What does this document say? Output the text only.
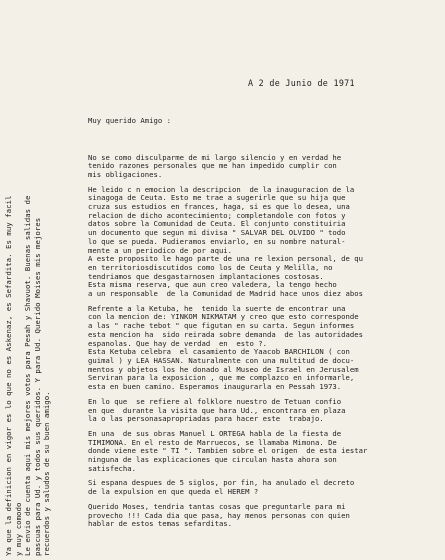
Ya que la definicion en vigor es lo que no es Askenaz, es Sefardita. Es muy facil y muy comodo Le envio de cuenta aqui mis mejores votos para Pesah y Shavuot. Buenas salidas de pascuas para Ud. y todos sus queridos. Y para Ud. Querido Moises mis mejores recuerdos y saludos de su buen amigo.
A 2 de Junio de 1971

Muy querido Amigo :

No se como disculparme de mi largo silencio y en verdad he
tenido razones personales que me han impedido cumplir con
mis obligaciones.
He leido c n emocion la descripcion  de la inauguracion de la
sinagoga de Ceuta. Esto me trae a sugerirle que su hija que
cruza sus estudios en frances, haga, si es que lo desea, una
relacion de dicho acontecimiento; completandole con fotos y
datos sobre la Comunidad de Ceuta. El conjunto constituiria
un documento que segun mi divisa " SALVAR DEL OLVIDO " todo
lo que se pueda. Pudieramos enviarlo, en su nombre natural-
mente a un periodico de por aqui.
A este proposito le hago parte de una re lexion personal, de qu
en territoriosdiscutidos como los de Ceuta y Melilla, no
tendriamos que desgastarnosen implantaciones costosas.
Esta misma reserva, que aun creo valedera, la tengo hecho
a un responsable  de la Comunidad de Madrid hace unos diez abos
Refrente a la Ketuba, he  tenido la suerte de encontrar una
con la mencion de: YINKOM NIKMATAM y creo que esto corresponde
a las " rache tebot " que figutan en su carta. Segun informes
esta mencion ha  sido reirada sobre demanda  de las autoridades
espanolas. Que hay de verdad  en  esto ?.
Esta Ketuba celebra  el casamiento de Yaacob BARCHILON ( con
guimal ) y LEA HASSAN. Naturalmente con una multitud de docu-
mentos y objetos los he donado al Museo de Israel en Jerusalem
Serviran para la exposicion , que me complazco en informarle,
esta en buen camino. Esperamos inaugurarla en Pessah 1973.
En lo que  se refiere al folklore nuestro de Tetuan confio
en que  durante la visita que hara Ud., encontrara en plaza
la o las personasapropriadas para hacer este  trabajo.
En una  de sus obras Manuel L ORTEGA habla de la fiesta de
TIMIMONA. En el resto de Marruecos, se llamaba Mimona. De
donde viene este " TI ". Tambien sobre el origen  de esta iestar
ninguna de las explicaciones que circulan hasta ahora son
satisfecha.
Si espana despues de 5 siglos, por fin, ha anulado el decreto
de la expulsion en que queda el HEREM ?
Querido Moses, tendria tantas cosas que preguntarle para mi
provecho !!! Cada dia que pasa, hay menos personas con quien
hablar de estos temas sefarditas.
